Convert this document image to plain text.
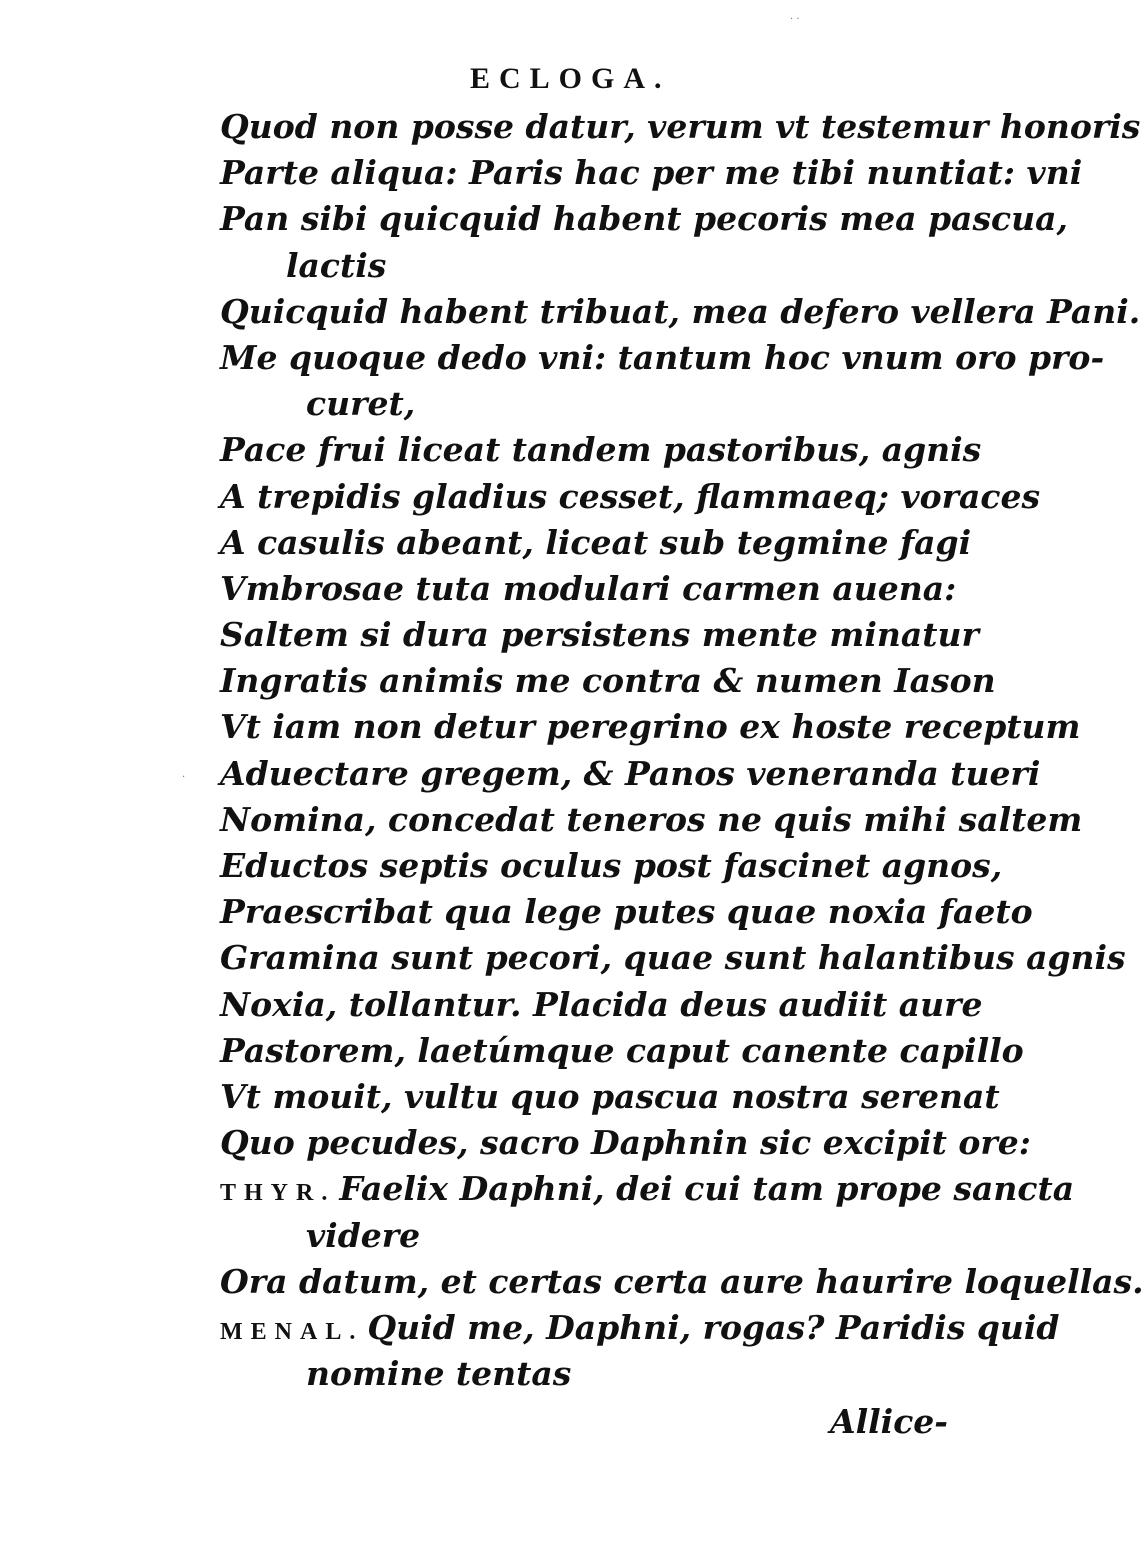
· ·
·
ECLOGA.
Quod non posse datur, verum vt testemur honoris
Parte aliqua: Paris hac per me tibi nuntiat: vni
Pan sibi quicquid habent pecoris mea pascua,
lactis
Quicquid habent tribuat, mea defero vellera Pani.
Me quoque dedo vni: tantum hoc vnum oro pro-
curet,
Pace frui liceat tandem pastoribus, agnis
A trepidis gladius cesset, flammaeq; voraces
A casulis abeant, liceat sub tegmine fagi
Vmbrosae tuta modulari carmen auena:
Saltem si dura persistens mente minatur
Ingratis animis me contra & numen Iason
Vt iam non detur peregrino ex hoste receptum
Aduectare gregem, & Panos veneranda tueri
Nomina, concedat teneros ne quis mihi saltem
Eductos septis oculus post fascinet agnos,
Praescribat qua lege putes quae noxia faeto
Gramina sunt pecori, quae sunt halantibus agnis
Noxia, tollantur. Placida deus audiit aure
Pastorem, laetúmque caput canente capillo
Vt mouit, vultu quo pascua nostra serenat
Quo pecudes, sacro Daphnin sic excipit ore:
THYR. Faelix Daphni, dei cui tam prope sancta
videre
Ora datum, et certas certa aure haurire loquellas.
MENAL. Quid me, Daphni, rogas? Paridis quid
nomine tentas
Allice-
